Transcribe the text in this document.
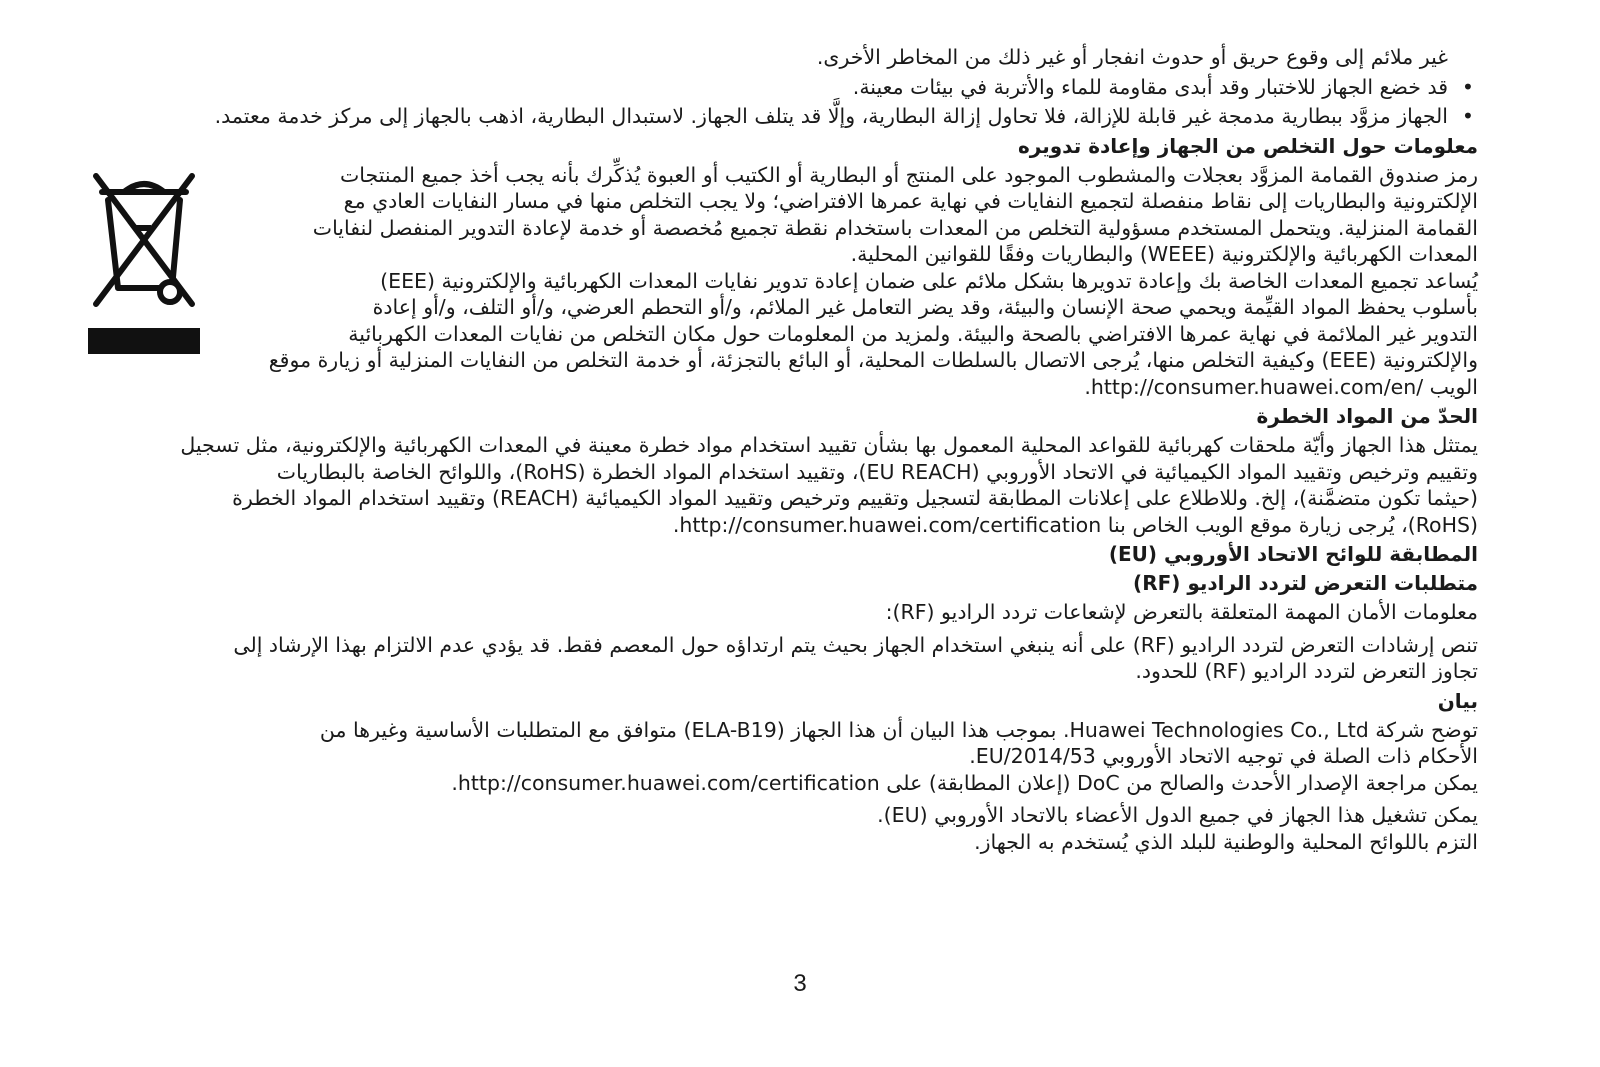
غير ملائم إلى وقوع حريق أو حدوث انفجار أو غير ذلك من المخاطر الأخرى.

•
قد خضع الجهاز للاختبار وقد أبدى مقاومة للماء والأتربة في بيئات معينة.
•
الجهاز مزوَّد ببطارية مدمجة غير قابلة للإزالة، فلا تحاول إزالة البطارية، وإلَّا قد يتلف الجهاز. لاستبدال البطارية، اذهب بالجهاز إلى مركز خدمة معتمد.
معلومات حول التخلص من الجهاز وإعادة تدويره

رمز صندوق القمامة المزوَّد بعجلات والمشطوب الموجود على المنتج أو البطارية أو الكتيب أو العبوة يُذكِّرك بأنه يجب أخذ جميع المنتجات

الإلكترونية والبطاريات إلى نقاط منفصلة لتجميع النفايات في نهاية عمرها الافتراضي؛ ولا يجب التخلص منها في مسار النفايات العادي مع

القمامة المنزلية. ويتحمل المستخدم مسؤولية التخلص من المعدات باستخدام نقطة تجميع مُخصصة أو خدمة لإعادة التدوير المنفصل لنفايات

المعدات الكهربائية والإلكترونية (WEEE) والبطاريات وفقًا للقوانين المحلية.

يُساعد تجميع المعدات الخاصة بك وإعادة تدويرها بشكل ملائم على ضمان إعادة تدوير نفايات المعدات الكهربائية والإلكترونية (EEE)

بأسلوب يحفظ المواد القيِّمة ويحمي صحة الإنسان والبيئة، وقد يضر التعامل غير الملائم، و/أو التحطم العرضي، و/أو التلف، و/أو إعادة

التدوير غير الملائمة في نهاية عمرها الافتراضي بالصحة والبيئة. ولمزيد من المعلومات حول مكان التخلص من نفايات المعدات الكهربائية

والإلكترونية (EEE) وكيفية التخلص منها، يُرجى الاتصال بالسلطات المحلية، أو البائع بالتجزئة، أو خدمة التخلص من النفايات المنزلية أو زيارة موقع

الويب /http://consumer.huawei.com/en.

الحدّ من المواد الخطرة

يمتثل هذا الجهاز وأيّة ملحقات كهربائية للقواعد المحلية المعمول بها بشأن تقييد استخدام مواد خطرة معينة في المعدات الكهربائية والإلكترونية، مثل تسجيل

وتقييم وترخيص وتقييد المواد الكيميائية في الاتحاد الأوروبي (EU REACH)، وتقييد استخدام المواد الخطرة (RoHS)، واللوائح الخاصة بالبطاريات

(حيثما تكون متضمَّنة)، إلخ. وللاطلاع على إعلانات المطابقة لتسجيل وتقييم وترخيص وتقييد المواد الكيميائية (REACH) وتقييد استخدام المواد الخطرة

(RoHS)، يُرجى زيارة موقع الويب الخاص بنا http://consumer.huawei.com/certification.

المطابقة للوائح الاتحاد الأوروبي (EU)
متطلبات التعرض لتردد الراديو (RF)

معلومات الأمان المهمة المتعلقة بالتعرض لإشعاعات تردد الراديو (RF):

تنص إرشادات التعرض لتردد الراديو (RF) على أنه ينبغي استخدام الجهاز بحيث يتم ارتداؤه حول المعصم فقط. قد يؤدي عدم الالتزام بهذا الإرشاد إلى

تجاوز التعرض لتردد الراديو (RF) للحدود.

بيان

توضح شركة Huawei Technologies Co., Ltd. بموجب هذا البيان أن هذا الجهاز (ELA-B19) متوافق مع المتطلبات الأساسية وغيرها من

الأحكام ذات الصلة في توجيه الاتحاد الأوروبي 2014/53/EU.

يمكن مراجعة الإصدار الأحدث والصالح من DoC (إعلان المطابقة) على http://consumer.huawei.com/certification.

يمكن تشغيل هذا الجهاز في جميع الدول الأعضاء بالاتحاد الأوروبي (EU).

التزم باللوائح المحلية والوطنية للبلد الذي يُستخدم به الجهاز.

3
